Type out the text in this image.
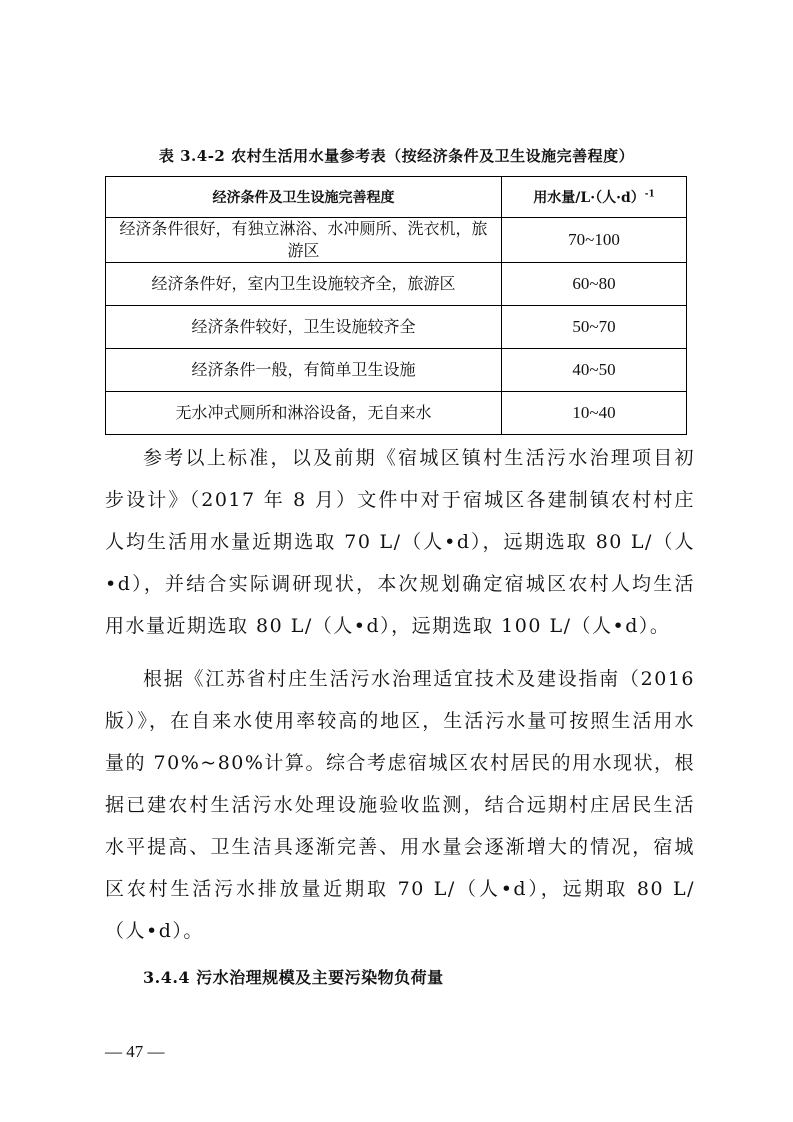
表 3.4-2 农村生活用水量参考表（按经济条件及卫生设施完善程度）
经济条件及卫生设施完善程度	用水量/L·（人·d）$^{-1}$
经济条件很好，有独立淋浴、水冲厕所、洗衣机，旅游区	70~100
经济条件好，室内卫生设施较齐全，旅游区	60~80
经济条件较好，卫生设施较齐全	50~70
经济条件一般，有简单卫生设施	40~50
无水冲式厕所和淋浴设备，无自来水	10~40

参考以上标准，以及前期《宿城区镇村生活污水治理项目初步设计》（2017 年 8 月）文件中对于宿城区各建制镇农村村庄人均生活用水量近期选取 70 L/（人•d），远期选取 80 L/（人•d），并结合实际调研现状，本次规划确定宿城区农村人均生活用水量近期选取 80 L/（人•d），远期选取 100 L/（人•d）。

根据《江苏省村庄生活污水治理适宜技术及建设指南（2016 版）》，在自来水使用率较高的地区，生活污水量可按照生活用水量的 70%~80%计算。综合考虑宿城区农村居民的用水现状，根据已建农村生活污水处理设施验收监测，结合远期村庄居民生活水平提高、卫生洁具逐渐完善、用水量会逐渐增大的情况，宿城区农村生活污水排放量近期取 70 L/（人•d），远期取 80 L/（人•d）。

3.4.4 污水治理规模及主要污染物负荷量
— 47 —
